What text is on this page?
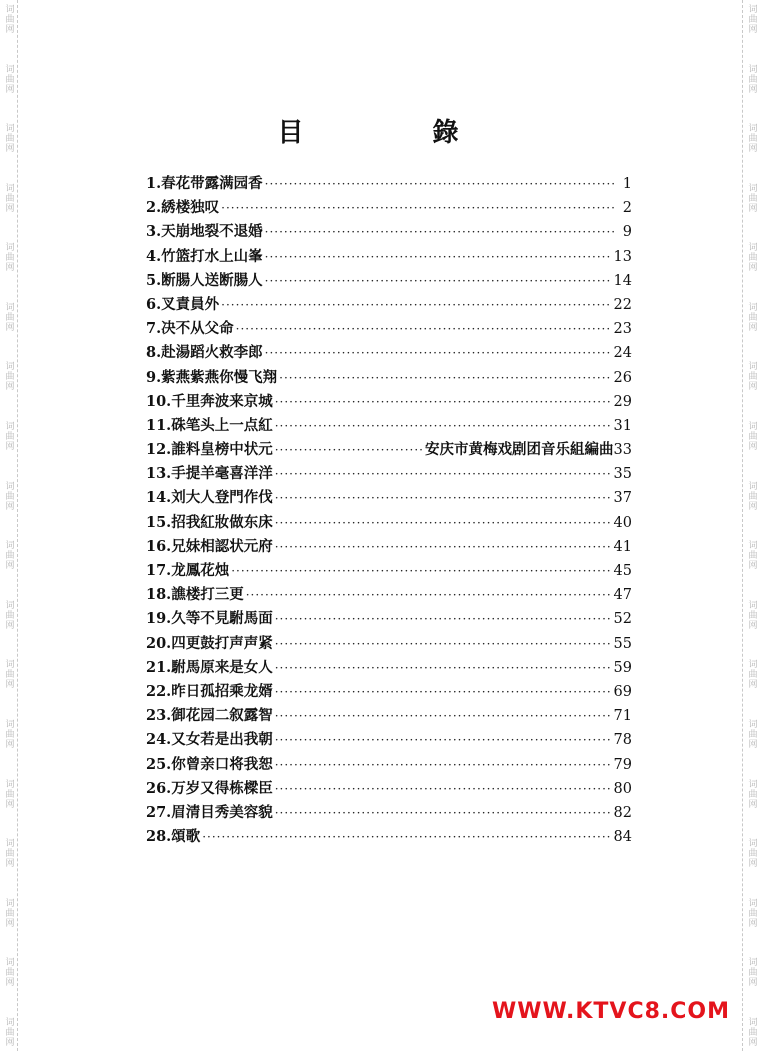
词曲网
词曲网
词曲网
词曲网
词曲网
词曲网
词曲网
词曲网
词曲网
词曲网
词曲网
词曲网
词曲网
词曲网
词曲网
词曲网
词曲网
词曲网
词曲网
词曲网
词曲网
词曲网
词曲网
词曲网
词曲网
词曲网
词曲网
词曲网
词曲网
词曲网
词曲网
词曲网
词曲网
词曲网
词曲网
词曲网
目 錄
1.春花带露满园香 ·····	1
2.綉楼独叹 ·····	2
3.天崩地裂不退婚 ·····	9
4.竹篮打水上山峯 ·····	13
5.断腸人送断腸人 ·····	14
6.叉責員外 ·····	22
7.决不从父命 ·····	23
8.赴湯蹈火救李郎 ·····	24
9.紫燕紫燕你慢飞翔 ·····	26
10.千里奔波来京城 ·····	29
11.硃笔头上一点紅 ·····	31
12.誰料皇榜中状元 ·····	安庆市黄梅戏剧团音乐組編曲 33
13.手提羊毫喜洋洋 ·····	35
14.刘大人登門作伐 ·····	37
15.招我紅妝做东床 ·····	40
16.兄妹相認状元府 ·····	41
17.龙鳳花烛 ·····	45
18.譙楼打三更 ·····	47
19.久等不見駙馬面 ·····	52
20.四更鼓打声声紧 ·····	55
21.駙馬原来是女人 ·····	59
22.昨日孤招乘龙婿 ·····	69
23.御花园二叙露智 ·····	71
24.又女若是出我朝 ·····	78
25.你曾亲口将我恕 ·····	79
26.万岁又得栋樑臣 ·····	80
27.眉清目秀美容貌 ·····	82
28.頌歌 ·····	84
WWW.KTVC8.COM
